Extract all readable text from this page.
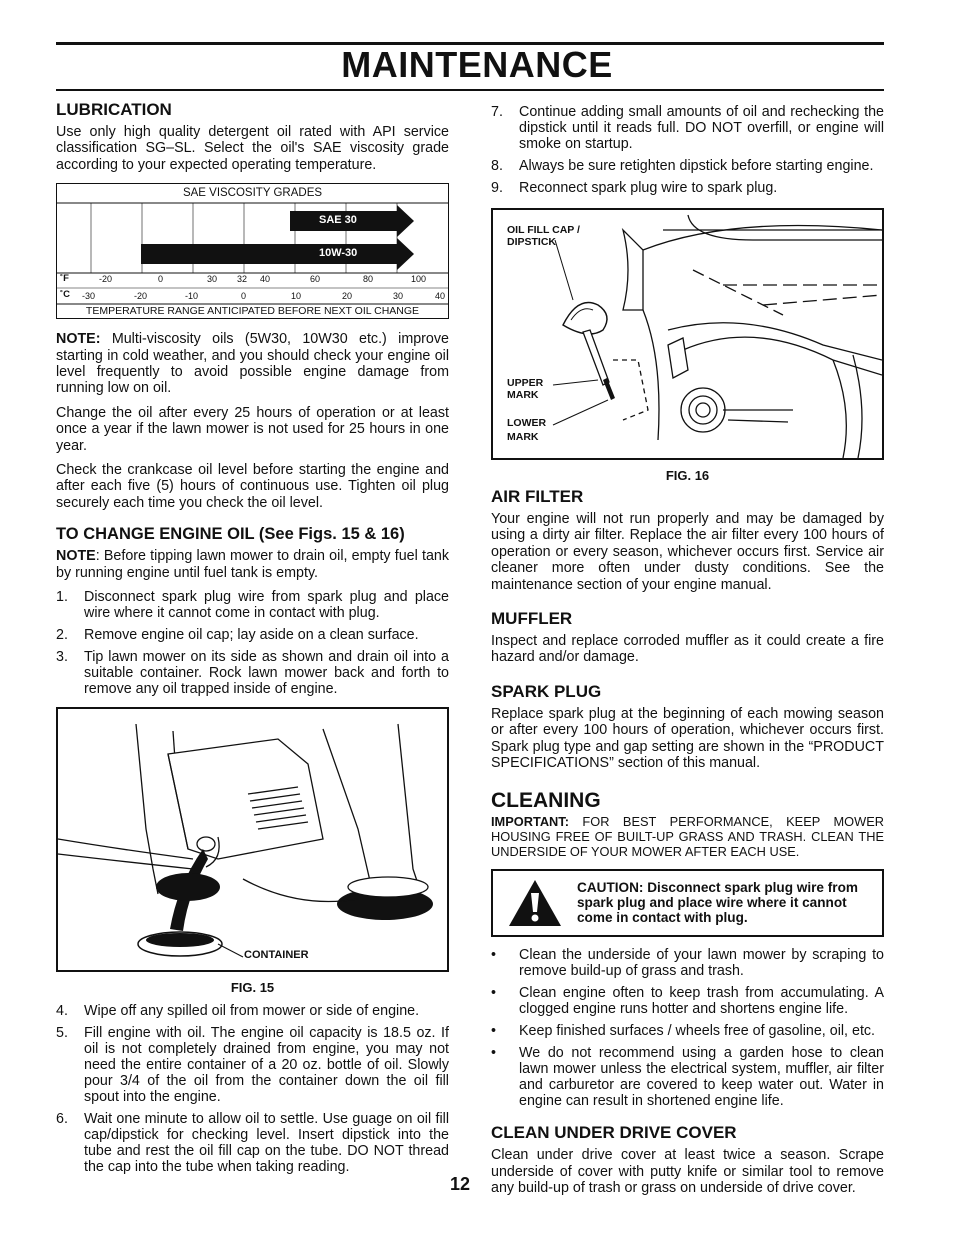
MAINTENANCE
LUBRICATION

Use only high quality detergent oil rated with API service classification SG–SL. Select the oil's SAE viscosity grade according to your expected operating temperature.

SAE VISCOSITY GRADES
SAE 30
10W-30
˚F
˚C
-20	0	30 32 40	60	80	100
-30	-20	-10	0	10	20	30	40
TEMPERATURE RANGE ANTICIPATED BEFORE NEXT OIL CHANGE

NOTE: Multi-viscosity oils (5W30, 10W30 etc.) improve starting in cold weather, and you should check your engine oil level frequently to avoid possible engine damage from running low on oil.

Change the oil after every 25 hours of operation or at least once a year if the lawn mower is not used for 25 hours in one year.

Check the crankcase oil level before starting the engine and after each five (5) hours of continuous use. Tighten oil plug securely each time you check the oil level.

TO CHANGE ENGINE OIL (See Figs. 15 & 16)

NOTE: Before tipping lawn mower to drain oil, empty fuel tank by running engine until fuel tank is empty.

1. Disconnect spark plug wire from spark plug and place wire where it cannot come in contact with plug.
2. Remove engine oil cap; lay aside on a clean surface.
3. Tip lawn mower on its side as shown and drain oil into a suitable container. Rock lawn mower back and forth to remove any oil trapped inside of engine.
CONTAINER
FIG. 15
4. Wipe off any spilled oil from mower or side of engine.
5. Fill engine with oil. The engine oil capacity is 18.5 oz. If oil is not completely drained from engine, you may not need the entire container of a 20 oz. bottle of oil. Slowly pour 3/4 of the oil from the container down the oil fill spout into the engine.
6. Wait one minute to allow oil to settle. Use guage on oil fill cap/dipstick for checking level. Insert dipstick into the tube and rest the oil fill cap on the tube. DO NOT thread the cap into the tube when taking reading.
7. Continue adding small amounts of oil and rechecking the dipstick until it reads full. DO NOT overfill, or engine will smoke on startup.
8. Always be sure retighten dipstick before starting engine.
9. Reconnect spark plug wire to spark plug.
OIL FILL CAP /
DIPSTICK
UPPER
MARK
LOWER
MARK
FIG. 16
AIR FILTER

Your engine will not run properly and may be damaged by using a dirty air filter. Replace the air filter every 100 hours of operation or every season, whichever occurs first. Service air cleaner more often under dusty conditions. See the maintenance section of your engine manual.

MUFFLER

Inspect and replace corroded muffler as it could create a fire hazard and/or damage.

SPARK PLUG

Replace spark plug at the beginning of each mowing season or after every 100 hours of operation, whichever occurs first. Spark plug type and gap setting are shown in the “PRODUCT SPECIFICATIONS” section of this manual.

CLEANING

IMPORTANT: FOR BEST PERFORMANCE, KEEP MOWER HOUSING FREE OF BUILT-UP GRASS AND TRASH. CLEAN THE UNDERSIDE OF YOUR MOWER AFTER EACH USE.

CAUTION: Disconnect spark plug wire from spark plug and place wire where it cannot come in contact with plug.
• Clean the underside of your lawn mower by scraping to remove build-up of grass and trash.
• Clean engine often to keep trash from accumulating. A clogged engine runs hotter and shortens engine life.
• Keep finished surfaces / wheels free of gasoline, oil, etc.
• We do not recommend using a garden hose to clean lawn mower unless the electrical system, muffler, air filter and carburetor are covered to keep water out. Water in engine can result in shortened engine life.
CLEAN UNDER DRIVE COVER

Clean under drive cover at least twice a season. Scrape underside of cover with putty knife or similar tool to remove any build-up of trash or grass on underside of drive cover.

12
